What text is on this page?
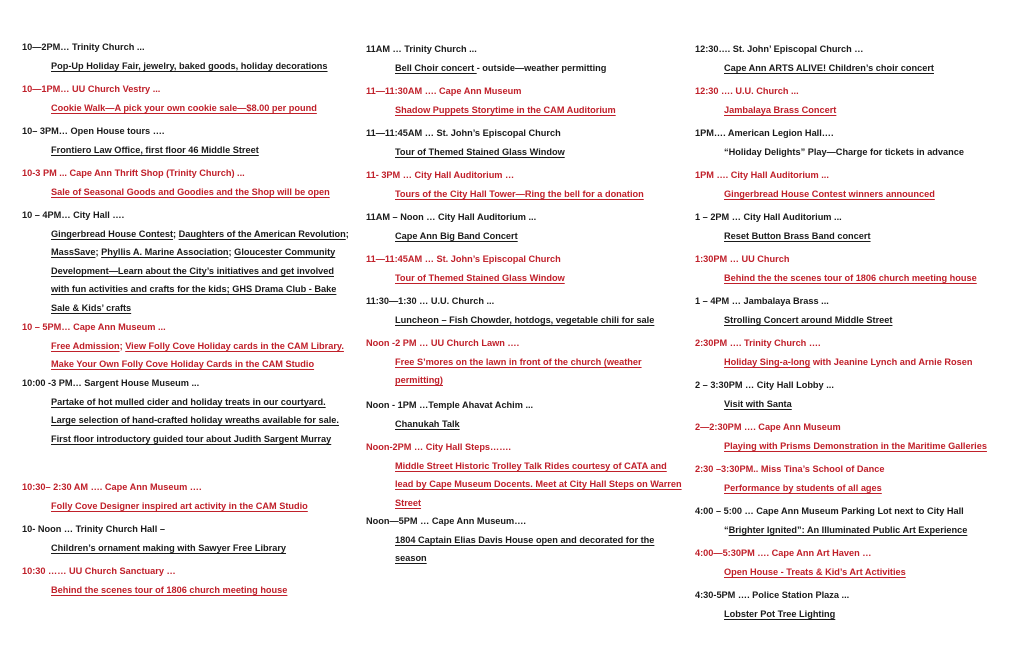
10—2PM… Trinity Church ...
Pop-Up Holiday Fair, jewelry, baked goods, holiday decorations
10—1PM… UU Church Vestry ...
Cookie Walk—A pick your own cookie sale—$8.00 per pound
10– 3PM… Open House tours ….
Frontiero Law Office, first floor 46 Middle Street
10-3 PM ... Cape Ann Thrift Shop (Trinity Church) ...
Sale of Seasonal Goods and Goodies and the Shop will be open
10 – 4PM… City Hall ….
Gingerbread House Contest; Daughters of the American Revolution; MassSave; Phyllis A. Marine Association; Gloucester Community Development—Learn about the City’s initiatives and get involved with fun activities and crafts for the kids; GHS Drama Club - Bake Sale & Kids’ crafts
10 – 5PM… Cape Ann Museum ...
Free Admission; View Folly Cove Holiday cards in the CAM Library. Make Your Own Folly Cove Holiday Cards in the CAM Studio
10:00 -3 PM… Sargent House Museum ...
Partake of hot mulled cider and holiday treats in our courtyard. Large selection of hand-crafted holiday wreaths available for sale. First floor introductory guided tour about Judith Sargent Murray
10:30– 2:30 AM …. Cape Ann Museum ….
Folly Cove Designer inspired art activity in the CAM Studio
10- Noon … Trinity Church Hall –
Children’s ornament making with Sawyer Free Library
10:30 …… UU Church Sanctuary …
Behind the scenes tour of 1806 church meeting house
11AM … Trinity Church ...
Bell Choir concert - outside—weather permitting
11—11:30AM …. Cape Ann Museum
Shadow Puppets Storytime in the CAM Auditorium
11—11:45AM … St. John’s Episcopal Church
Tour of Themed Stained Glass Window
11- 3PM … City Hall Auditorium …
Tours of the City Hall Tower—Ring the bell for a donation
11AM – Noon … City Hall Auditorium ...
Cape Ann Big Band Concert
11—11:45AM … St. John’s Episcopal Church
Tour of Themed Stained Glass Window
11:30—1:30 … U.U. Church ...
Luncheon – Fish Chowder, hotdogs, vegetable chili for sale
Noon -2 PM … UU Church Lawn ….
Free S’mores on the lawn in front of the church (weather permitting)
Noon - 1PM …Temple Ahavat Achim ...
Chanukah Talk
Noon-2PM … City Hall Steps…….
Middle Street Historic Trolley Talk Rides courtesy of CATA and lead by Cape Museum Docents. Meet at City Hall Steps on Warren Street
Noon—5PM … Cape Ann Museum….
1804 Captain Elias Davis House open and decorated for the season
12:30…. St. John’ Episcopal Church …
Cape Ann ARTS ALIVE! Children’s choir concert
12:30 …. U.U. Church ...
Jambalaya Brass Concert
1PM…. American Legion Hall….
“Holiday Delights” Play—Charge for tickets in advance
1PM …. City Hall Auditorium ...
Gingerbread House Contest winners announced
1 – 2PM … City Hall Auditorium ...
Reset Button Brass Band concert
1:30PM … UU Church
Behind the the scenes tour of 1806 church meeting house
1 – 4PM … Jambalaya Brass ...
Strolling Concert around Middle Street
2:30PM …. Trinity Church ….
Holiday Sing-a-long with Jeanine Lynch and Arnie Rosen
2 – 3:30PM … City Hall Lobby ...
Visit with Santa
2—2:30PM …. Cape Ann Museum
Playing with Prisms Demonstration in the Maritime Galleries
2:30 –3:30PM.. Miss Tina’s School of Dance
Performance by students of all ages
4:00 – 5:00 … Cape Ann Museum Parking Lot next to City Hall
“Brighter Ignited”: An Illuminated Public Art Experience
4:00—5:30PM …. Cape Ann Art Haven …
Open House - Treats & Kid’s Art Activities
4:30-5PM …. Police Station Plaza ...
Lobster Pot Tree Lighting
